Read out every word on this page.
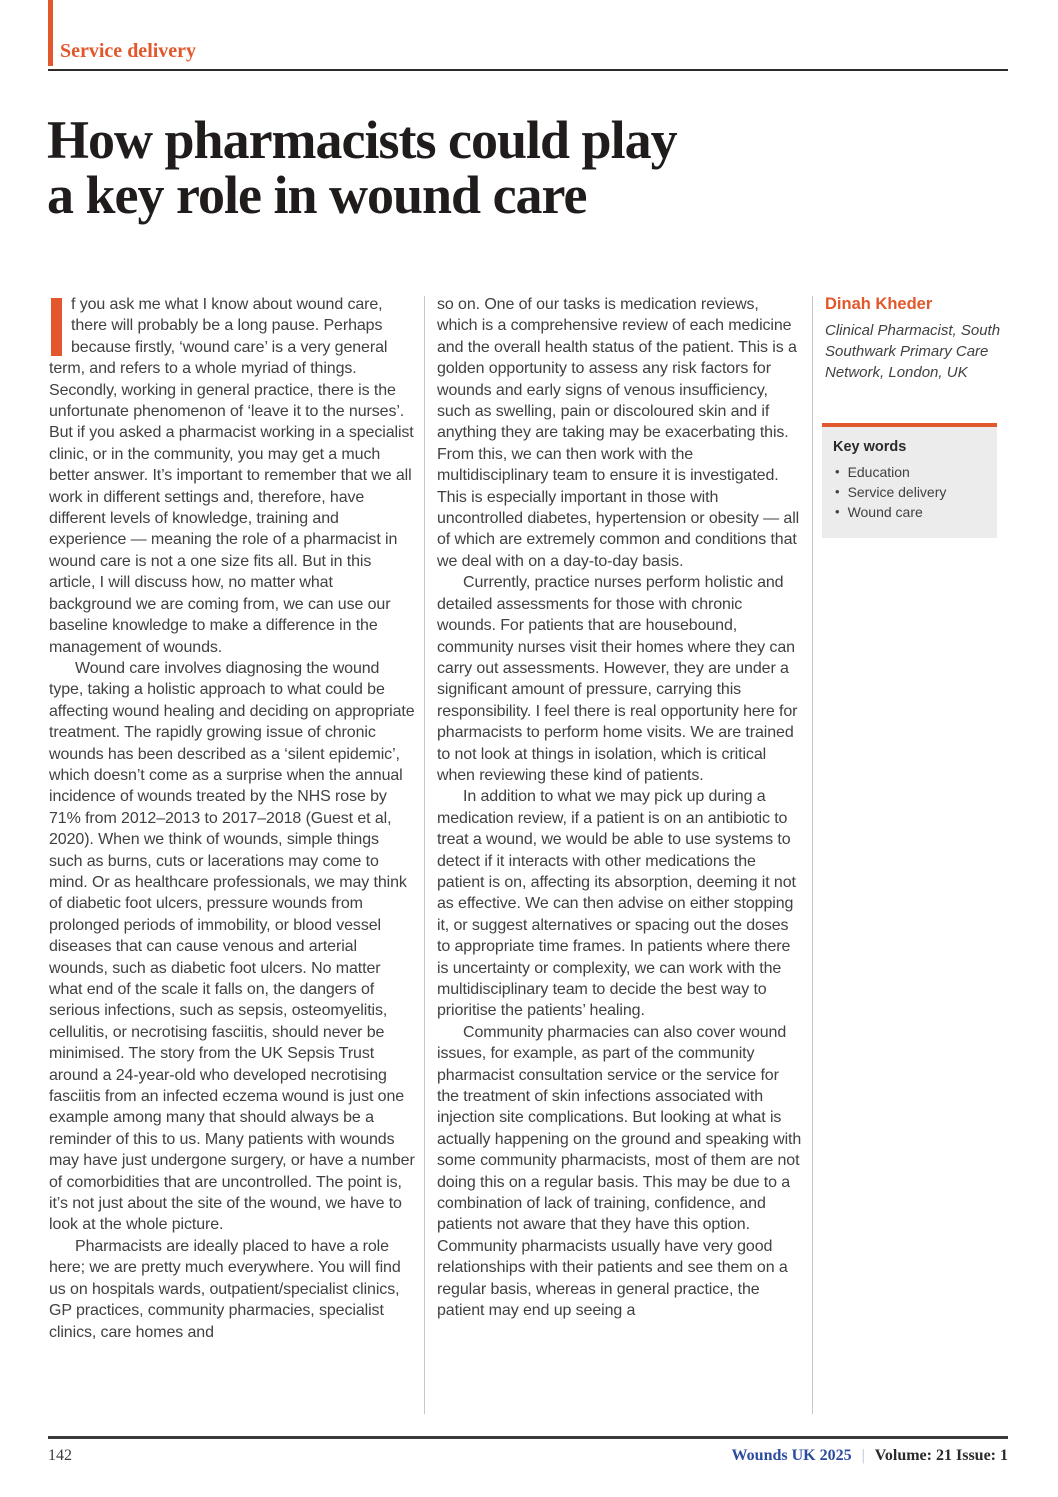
Service delivery
How pharmacists could play
a key role in wound care

f you ask me what I know about wound care, there will probably be a long pause. Perhaps because firstly, ‘wound care’ is a very general term, and refers to a whole myriad of things. Secondly, working in general practice, there is the unfortunate phenomenon of ‘leave it to the nurses’. But if you asked a pharmacist working in a specialist clinic, or in the community, you may get a much better answer. It’s important to remember that we all work in different settings and, therefore, have different levels of knowledge, training and experience — meaning the role of a pharmacist in wound care is not a one size fits all. But in this article, I will discuss how, no matter what background we are coming from, we can use our baseline knowledge to make a difference in the management of wounds.

Wound care involves diagnosing the wound type, taking a holistic approach to what could be affecting wound healing and deciding on appropriate treatment. The rapidly growing issue of chronic wounds has been described as a ‘silent epidemic’, which doesn’t come as a surprise when the annual incidence of wounds treated by the NHS rose by 71% from 2012–2013 to 2017–2018 (Guest et al, 2020). When we think of wounds, simple things such as burns, cuts or lacerations may come to mind. Or as healthcare professionals, we may think of diabetic foot ulcers, pressure wounds from prolonged periods of immobility, or blood vessel diseases that can cause venous and arterial wounds, such as diabetic foot ulcers. No matter what end of the scale it falls on, the dangers of serious infections, such as sepsis, osteomyelitis, cellulitis, or necrotising fasciitis, should never be minimised. The story from the UK Sepsis Trust around a 24-year-old who developed necrotising fasciitis from an infected eczema wound is just one example among many that should always be a reminder of this to us. Many patients with wounds may have just undergone surgery, or have a number of comorbidities that are uncontrolled. The point is, it’s not just about the site of the wound, we have to look at the whole picture.

Pharmacists are ideally placed to have a role here; we are pretty much everywhere. You will find us on hospitals wards, outpatient/specialist clinics, GP practices, community pharmacies, specialist clinics, care homes and

so on. One of our tasks is medication reviews, which is a comprehensive review of each medicine and the overall health status of the patient. This is a golden opportunity to assess any risk factors for wounds and early signs of venous insufficiency, such as swelling, pain or discoloured skin and if anything they are taking may be exacerbating this. From this, we can then work with the multidisciplinary team to ensure it is investigated. This is especially important in those with uncontrolled diabetes, hypertension or obesity — all of which are extremely common and conditions that we deal with on a day-to-day basis.

Currently, practice nurses perform holistic and detailed assessments for those with chronic wounds. For patients that are housebound, community nurses visit their homes where they can carry out assessments. However, they are under a significant amount of pressure, carrying this responsibility. I feel there is real opportunity here for pharmacists to perform home visits. We are trained to not look at things in isolation, which is critical when reviewing these kind of patients.

In addition to what we may pick up during a medication review, if a patient is on an antibiotic to treat a wound, we would be able to use systems to detect if it interacts with other medications the patient is on, affecting its absorption, deeming it not as effective. We can then advise on either stopping it, or suggest alternatives or spacing out the doses to appropriate time frames. In patients where there is uncertainty or complexity, we can work with the multidisciplinary team to decide the best way to prioritise the patients’ healing.

Community pharmacies can also cover wound issues, for example, as part of the community pharmacist consultation service or the service for the treatment of skin infections associated with injection site complications. But looking at what is actually happening on the ground and speaking with some community pharmacists, most of them are not doing this on a regular basis. This may be due to a combination of lack of training, confidence, and patients not aware that they have this option. Community pharmacists usually have very good relationships with their patients and see them on a regular basis, whereas in general practice, the patient may end up seeing a

Dinah Kheder
Clinical Pharmacist, South Southwark Primary Care Network, London, UK
Key words
• Education
• Service delivery
• Wound care
142	Wounds UK 2025 | Volume: 21 Issue: 1
